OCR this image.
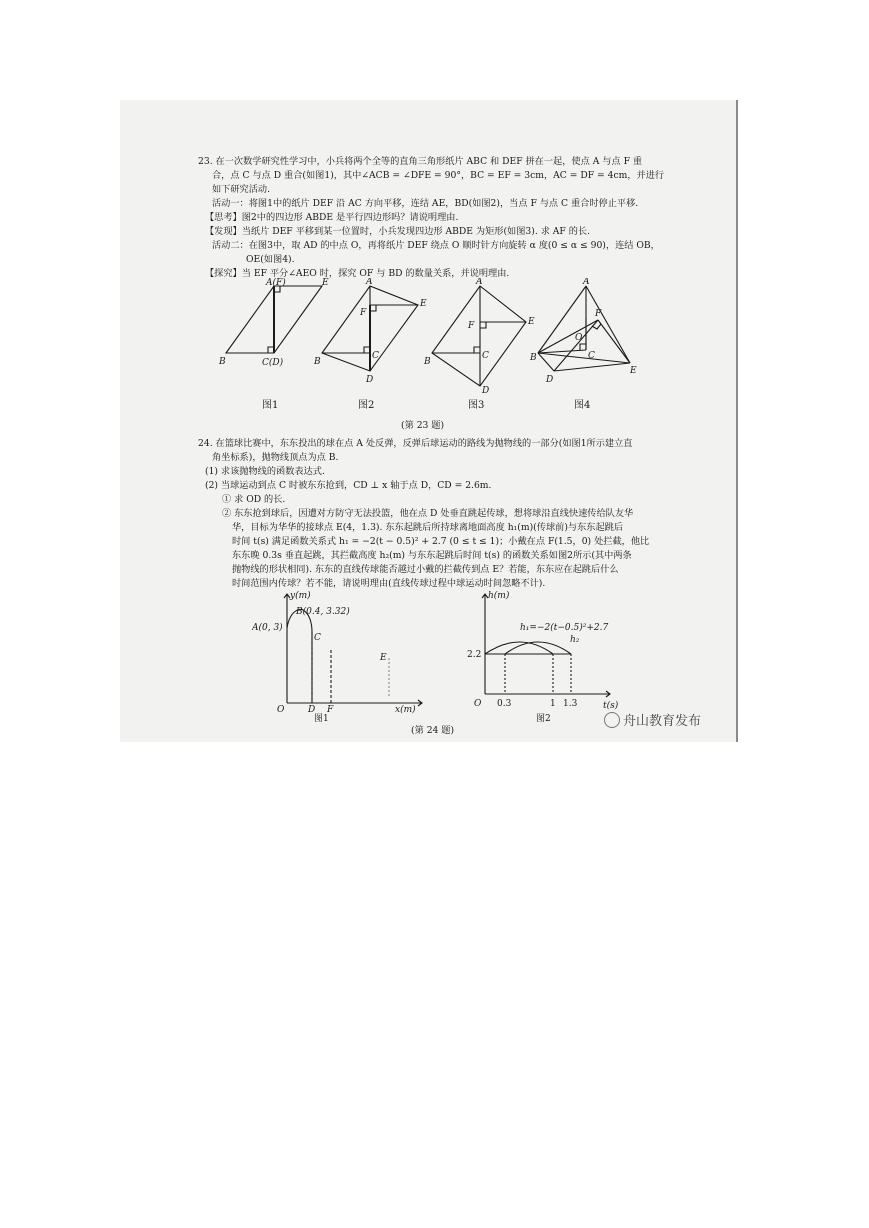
23. 在一次数学研究性学习中，小兵将两个全等的直角三角形纸片 ABC 和 DEF 拼在一起，使点 A 与点 F 重
合，点 C 与点 D 重合(如图1)，其中∠ACB = ∠DFE = 90°，BC = EF = 3cm，AC = DF = 4cm，并进行
如下研究活动.
活动一：将图1中的纸片 DEF 沿 AC 方向平移，连结 AE，BD(如图2)，当点 F 与点 C 重合时停止平移.
【思考】图2中的四边形 ABDE 是平行四边形吗？请说明理由.
【发现】当纸片 DEF 平移到某一位置时，小兵发现四边形 ABDE 为矩形(如图3). 求 AF 的长.
活动二：在图3中，取 AD 的中点 O，再将纸片 DEF 绕点 O 顺时针方向旋转 α 度(0 ≤ α ≤ 90)，连结 OB，
OE(如图4).
【探究】当 EF 平分∠AEO 时，探究 OF 与 BD 的数量关系，并说明理由.
A(F)	E
B	C(D)
A
E
F
B
C
D
A
F	E
B
C
D
A
F
O
B	C
D
E
图1	图2	图3	图4
(第 23 题)
24. 在篮球比赛中，东东投出的球在点 A 处反弹，反弹后球运动的路线为抛物线的一部分(如图1所示建立直
角坐标系)，抛物线顶点为点 B.
(1) 求该抛物线的函数表达式.
(2) 当球运动到点 C 时被东东抢到，CD ⊥ x 轴于点 D，CD = 2.6m.
① 求 OD 的长.
② 东东抢到球后，因遭对方防守无法投篮，他在点 D 处垂直跳起传球，想将球沿直线快速传给队友华
华，目标为华华的接球点 E(4，1.3). 东东起跳后所持球离地面高度 h₁(m)(传球前)与东东起跳后
时间 t(s) 满足函数关系式 h₁ = −2(t − 0.5)² + 2.7 (0 ≤ t ≤ 1)；小戴在点 F(1.5，0) 处拦截，他比
东东晚 0.3s 垂直起跳，其拦截高度 h₂(m) 与东东起跳后时间 t(s) 的函数关系如图2所示(其中两条
抛物线的形状相同). 东东的直线传球能否越过小戴的拦截传到点 E？若能，东东应在起跳后什么
时间范围内传球？若不能，请说明理由(直线传球过程中球运动时间忽略不计).
y(m)
x(m)
A(0, 3)
B(0.4, 3.32)
C
E
O	D F
图1
h(m)
t(s)
h₁=−2(t−0.5)²+2.7
h₂
2.2
O 0.3	1 1.3
图2
(第 24 题)
舟山教育发布
